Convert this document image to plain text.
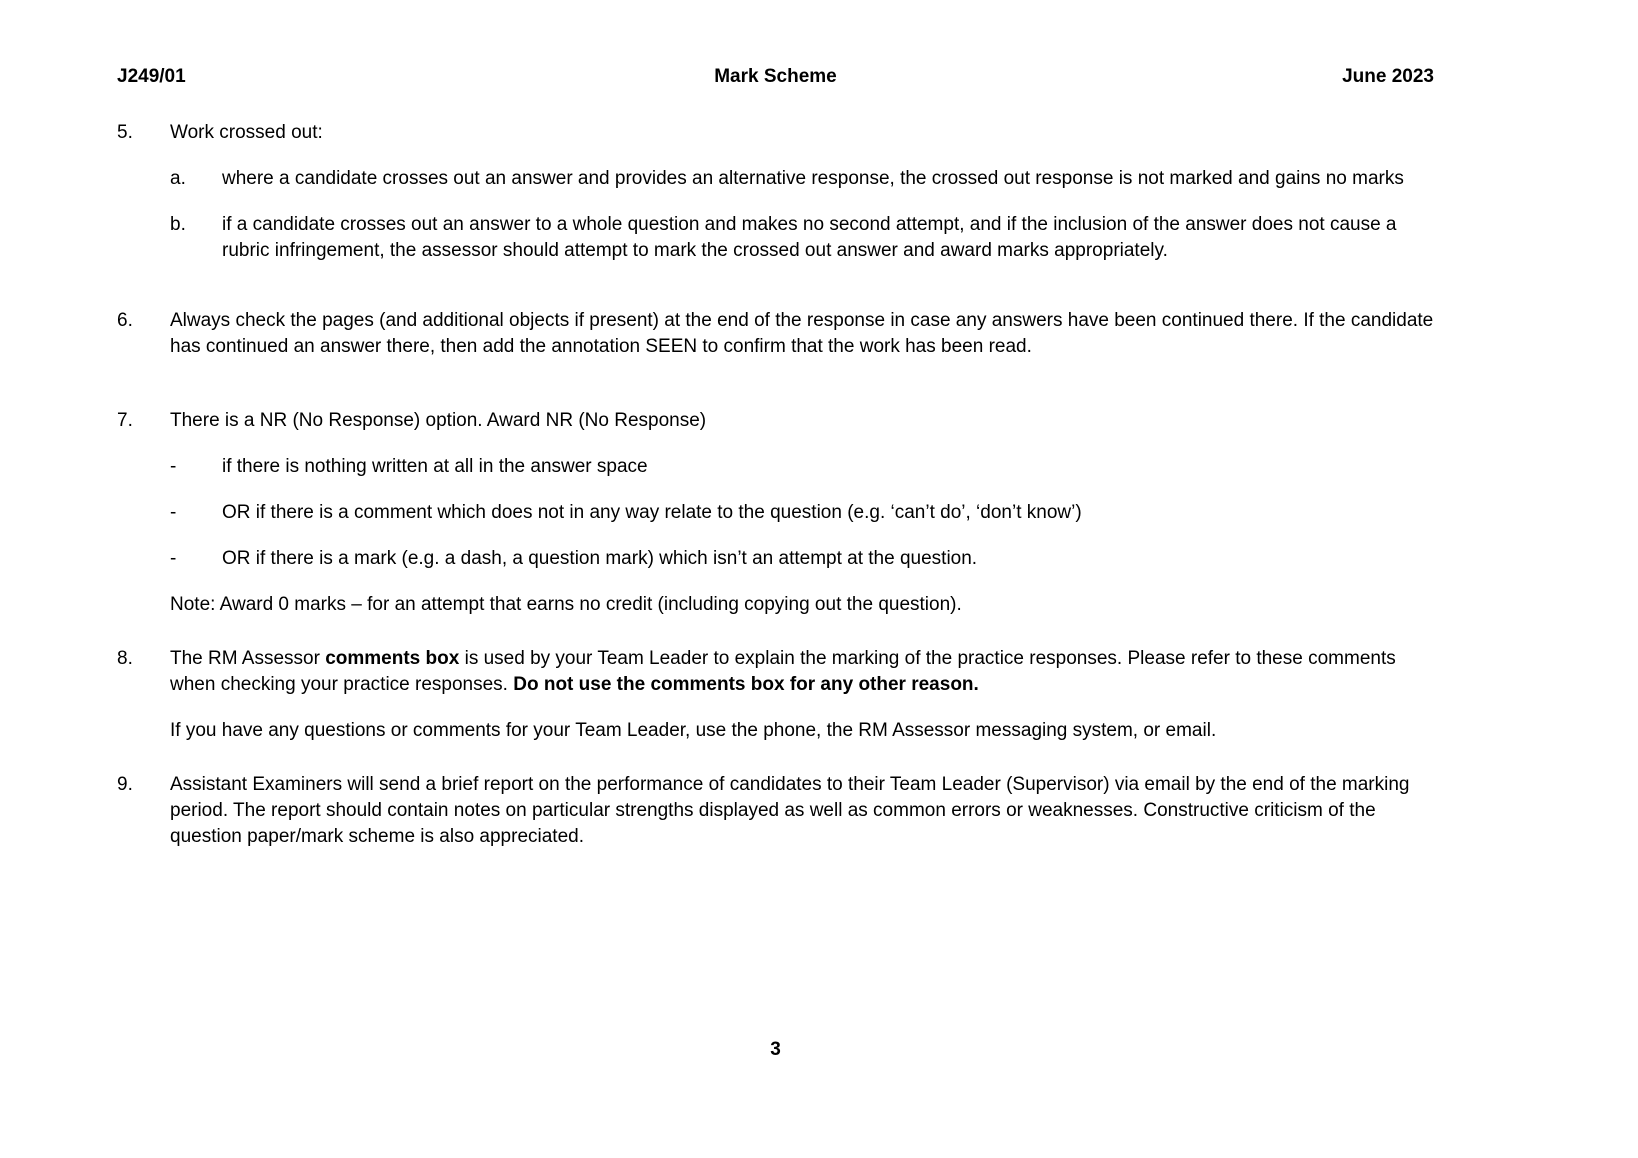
J249/01	Mark Scheme	June 2023
5.	Work crossed out:
a.	where a candidate crosses out an answer and provides an alternative response, the crossed out response is not marked and gains no marks
b.	if a candidate crosses out an answer to a whole question and makes no second attempt, and if the inclusion of the answer does not cause a rubric infringement, the assessor should attempt to mark the crossed out answer and award marks appropriately.
6.	Always check the pages (and additional objects if present) at the end of the response in case any answers have been continued there. If the candidate has continued an answer there, then add the annotation SEEN to confirm that the work has been read.
7.	There is a NR (No Response) option. Award NR (No Response)
-	if there is nothing written at all in the answer space
-	OR if there is a comment which does not in any way relate to the question (e.g. ‘can’t do’, ‘don’t know’)
-	OR if there is a mark (e.g. a dash, a question mark) which isn’t an attempt at the question.
Note: Award 0 marks – for an attempt that earns no credit (including copying out the question).
8.	The RM Assessor comments box is used by your Team Leader to explain the marking of the practice responses. Please refer to these comments when checking your practice responses. Do not use the comments box for any other reason.
If you have any questions or comments for your Team Leader, use the phone, the RM Assessor messaging system, or email.
9.	Assistant Examiners will send a brief report on the performance of candidates to their Team Leader (Supervisor) via email by the end of the marking period. The report should contain notes on particular strengths displayed as well as common errors or weaknesses. Constructive criticism of the question paper/mark scheme is also appreciated.
3
